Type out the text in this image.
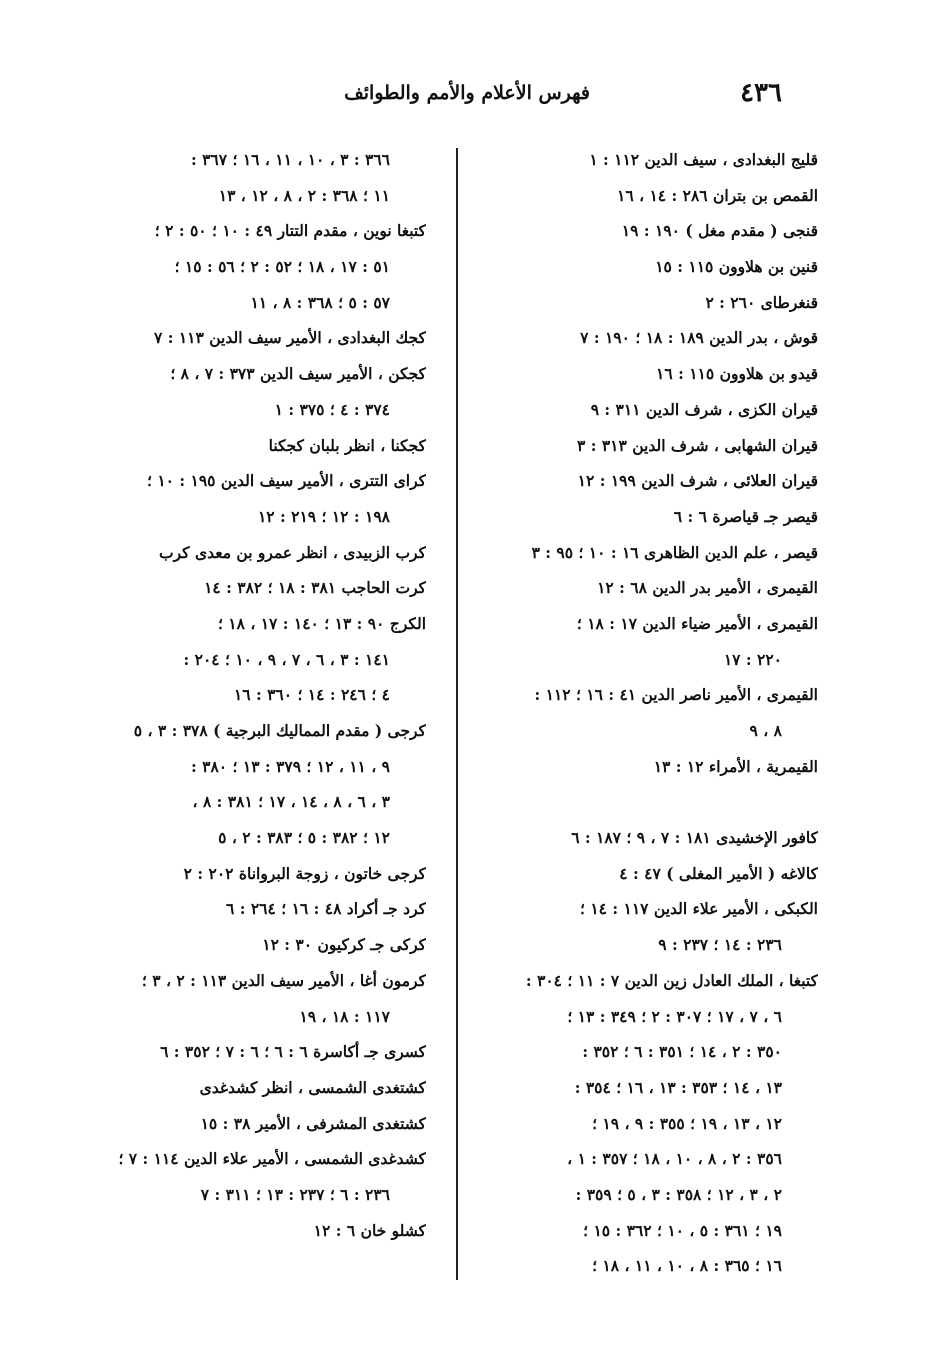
٤٣٦
فهرس الأعلام والأمم والطوائف
قليج البغدادى ، سيف الدين ١١٢ : ١
القمص بن بتران ٢٨٦ : ١٤ ، ١٦
قنجى ( مقدم مغل ) ١٩٠ : ١٩
قنين بن هلاوون ١١٥ : ١٥
قنغرطاى ٢٦٠ : ٢
قوش ، بدر الدين ١٨٩ : ١٨ ؛ ١٩٠ : ٧
قيدو بن هلاوون ١١٥ : ١٦
قيران الكزى ، شرف الدين ٣١١ : ٩
قيران الشهابى ، شرف الدين ٣١٣ : ٣
قيران العلائى ، شرف الدين ١٩٩ : ١٢
قيصر جـ قياصرة ٦ : ٦
قيصر ، علم الدين الظاهرى ١٦ : ١٠ ؛ ٩٥ : ٣
القيمرى ، الأمير بدر الدين ٦٨ : ١٢
القيمرى ، الأمير ضياء الدين ١٧ : ١٨ ؛
٢٢٠ : ١٧
القيمرى ، الأمير ناصر الدين ٤١ : ١٦ ؛ ١١٢ :
٨ ، ٩
القيمرية ، الأمراء ١٢ : ١٣
كافور الإخشيدى ١٨١ : ٧ ، ٩ ؛ ١٨٧ : ٦
كالاغه ( الأمير المغلى ) ٤٧ : ٤
الكبكى ، الأمير علاء الدين ١١٧ : ١٤ ؛
٢٣٦ : ١٤ ؛ ٢٣٧ : ٩
كتبغا ، الملك العادل زين الدين ٧ : ١١ ؛ ٣٠٤ :
٦ ، ٧ ، ١٧ ؛ ٣٠٧ : ٢ ؛ ٣٤٩ : ١٣ ؛
٣٥٠ : ٢ ، ١٤ ؛ ٣٥١ : ٦ ؛ ٣٥٢ :
١٣ ، ١٤ ؛ ٣٥٣ : ١٣ ، ١٦ ؛ ٣٥٤ :
١٢ ، ١٣ ، ١٩ ؛ ٣٥٥ : ٩ ، ١٩ ؛
٣٥٦ : ٢ ، ٨ ، ١٠ ، ١٨ ؛ ٣٥٧ : ١ ،
٢ ، ٣ ، ١٢ ؛ ٣٥٨ : ٣ ، ٥ ؛ ٣٥٩ :
١٩ ؛ ٣٦١ : ٥ ، ١٠ ؛ ٣٦٢ : ١٥ ؛
١٦ ؛ ٣٦٥ : ٨ ، ١٠ ، ١١ ، ١٨ ؛
٣٦٦ : ٣ ، ١٠ ، ١١ ، ١٦ ؛ ٣٦٧ :
١١ ؛ ٣٦٨ : ٢ ، ٨ ، ١٢ ، ١٣
كتبغا نوين ، مقدم التتار ٤٩ : ١٠ ؛ ٥٠ : ٢ ؛
٥١ : ١٧ ، ١٨ ؛ ٥٢ : ٢ ؛ ٥٦ : ١٥ ؛
٥٧ : ٥ ؛ ٣٦٨ : ٨ ، ١١
كجك البغدادى ، الأمير سيف الدين ١١٣ : ٧
كجكن ، الأمير سيف الدين ٣٧٣ : ٧ ، ٨ ؛
٣٧٤ : ٤ ؛ ٣٧٥ : ١
كجكنا ، انظر بلبان كجكنا
كراى التترى ، الأمير سيف الدين ١٩٥ : ١٠ ؛
١٩٨ : ١٢ ؛ ٢١٩ : ١٢
كرب الزبيدى ، انظر عمرو بن معدى كرب
كرت الحاجب ٣٨١ : ١٨ ؛ ٣٨٢ : ١٤
الكرج ٩٠ : ١٣ ؛ ١٤٠ : ١٧ ، ١٨ ؛
١٤١ : ٣ ، ٦ ، ٧ ، ٩ ، ١٠ ؛ ٢٠٤ :
٤ ؛ ٢٤٦ : ١٤ ؛ ٣٦٠ : ١٦
كرجى ( مقدم المماليك البرجية ) ٣٧٨ : ٣ ، ٥
٩ ، ١١ ، ١٢ ؛ ٣٧٩ : ١٣ ؛ ٣٨٠ :
٣ ، ٦ ، ٨ ، ١٤ ، ١٧ ؛ ٣٨١ : ٨ ،
١٢ ؛ ٣٨٢ : ٥ ؛ ٣٨٣ : ٢ ، ٥
كرجى خاتون ، زوجة البرواناة ٢٠٢ : ٢
كرد جـ أكراد ٤٨ : ١٦ ؛ ٢٦٤ : ٦
كركى جـ كركيون ٣٠ : ١٢
كرمون أغا ، الأمير سيف الدين ١١٣ : ٢ ، ٣ ؛
١١٧ : ١٨ ، ١٩
كسرى جـ أكاسرة ٦ : ٦ ؛ ٦ : ٧ ؛ ٣٥٢ : ٦
كشتغدى الشمسى ، انظر كشدغدى
كشتغدى المشرفى ، الأمير ٣٨ : ١٥
كشدغدى الشمسى ، الأمير علاء الدين ١١٤ : ٧ ؛
٢٣٦ : ٦ ؛ ٢٣٧ : ١٣ ؛ ٣١١ : ٧
كشلو خان ٦ : ١٢
